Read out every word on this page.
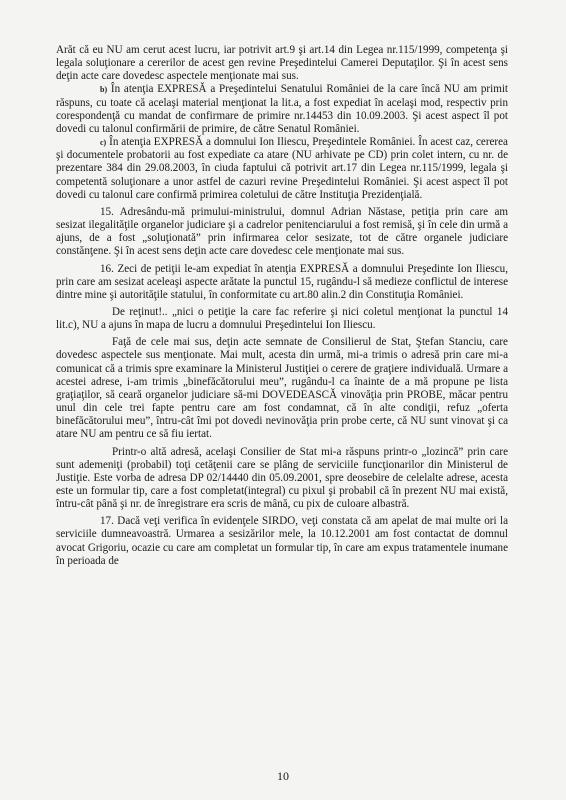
Arăt că eu NU am cerut acest lucru, iar potrivit art.9 şi art.14 din Legea nr.115/1999, competenţa şi legala soluţionare a cererilor de acest gen revine Preşedintelui Camerei Deputaţilor. Şi în acest sens deţin acte care dovedesc aspectele menţionate mai sus.

b) În atenţia EXPRESĂ a Preşedintelui Senatului României de la care încă NU am primit răspuns, cu toate că acelaşi material menţionat la lit.a, a fost expediat în acelaşi mod, respectiv prin corespondenţă cu mandat de confirmare de primire nr.14453 din 10.09.2003. Şi acest aspect îl pot dovedi cu talonul confirmării de primire, de către Senatul României.

c) În atenţia EXPRESĂ a domnului Ion Iliescu, Preşedintele României. În acest caz, cererea şi documentele probatorii au fost expediate ca atare (NU arhivate pe CD) prin colet intern, cu nr. de prezentare 384 din 29.08.2003, în ciuda faptului că potrivit art.17 din Legea nr.115/1999, legala şi competentă soluţionare a unor astfel de cazuri revine Preşedintelui României. Şi acest aspect îl pot dovedi cu talonul care confirmă primirea coletului de către Instituţia Prezidenţială.

15. Adresându-mă primului-ministrului, domnul Adrian Năstase, petiţia prin care am sesizat ilegalităţile organelor judiciare şi a cadrelor penitenciarului a fost remisă, şi în cele din urmă a ajuns, de a fost „soluţionată” prin infirmarea celor sesizate, tot de către organele judiciare constănţene. Şi în acest sens deţin acte care dovedesc cele menţionate mai sus.

16. Zeci de petiţii le-am expediat în atenţia EXPRESĂ a domnului Preşedinte Ion Iliescu, prin care am sesizat aceleaşi aspecte arătate la punctul 15, rugându-l să medieze conflictul de interese dintre mine şi autorităţile statului, în conformitate cu art.80 alin.2 din Constituţia României.

De reţinut!.. „nici o petiţie la care fac referire şi nici coletul menţionat la punctul 14 lit.c), NU a ajuns în mapa de lucru a domnului Preşedintelui Ion Iliescu.

Faţă de cele mai sus, deţin acte semnate de Consilierul de Stat, Ştefan Stanciu, care dovedesc aspectele sus menţionate. Mai mult, acesta din urmă, mi-a trimis o adresă prin care mi-a comunicat că a trimis spre examinare la Ministerul Justiţiei o cerere de graţiere individuală. Urmare a acestei adrese, i-am trimis „binefăcătorului meu”, rugându-l ca înainte de a mă propune pe lista graţiaţilor, să ceară organelor judiciare să-mi DOVEDEASCĂ vinovăţia prin PROBE, măcar pentru unul din cele trei fapte pentru care am fost condamnat, că în alte condiţii, refuz „oferta binefăcătorului meu”, întru-cât îmi pot dovedi nevinovăţia prin probe certe, că NU sunt vinovat şi ca atare NU am pentru ce să fiu iertat.

Printr-o altă adresă, acelaşi Consilier de Stat mi-a răspuns printr-o „lozincă” prin care sunt ademeniţi (probabil) toţi cetăţenii care se plâng de serviciile funcţionarilor din Ministerul de Justiţie. Este vorba de adresa DP 02/14440 din 05.09.2001, spre deosebire de celelalte adrese, acesta este un formular tip, care a fost completat(integral) cu pixul şi probabil că în prezent NU mai există, întru-cât până şi nr. de înregistrare era scris de mână, cu pix de culoare albastră.

17. Dacă veţi verifica în evidenţele SIRDO, veţi constata că am apelat de mai multe ori la serviciile dumneavoastră. Urmarea a sesizărilor mele, la 10.12.2001 am fost contactat de domnul avocat Grigoriu, ocazie cu care am completat un formular tip, în care am expus tratamentele inumane în perioada de

10
